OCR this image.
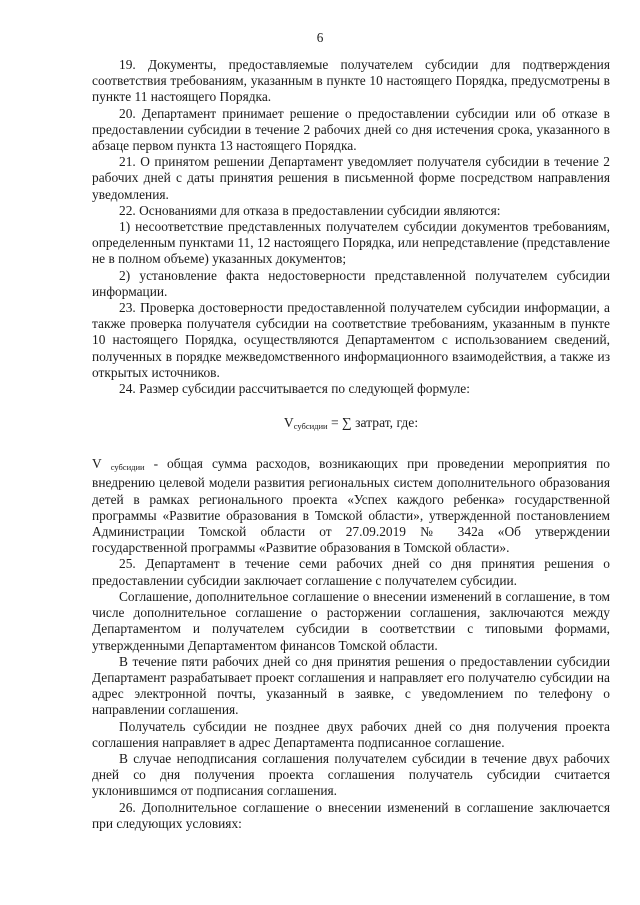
6

19. Документы, предоставляемые получателем субсидии для подтверждения соответствия требованиям, указанным в пункте 10 настоящего Порядка, предусмотрены в пункте 11 настоящего Порядка.

20. Департамент принимает решение о предоставлении субсидии или об отказе в предоставлении субсидии в течение 2 рабочих дней со дня истечения срока, указанного в абзаце первом пункта 13 настоящего Порядка.

21. О принятом решении Департамент уведомляет получателя субсидии в течение 2 рабочих дней с даты принятия решения в письменной форме посредством направления уведомления.

22. Основаниями для отказа в предоставлении субсидии являются:

1) несоответствие представленных получателем субсидии документов требованиям, определенным пунктами 11, 12 настоящего Порядка, или непредставление (представление не в полном объеме) указанных документов;

2) установление факта недостоверности представленной получателем субсидии информации.

23. Проверка достоверности предоставленной получателем субсидии информации, а также проверка получателя субсидии на соответствие требованиям, указанным в пункте 10 настоящего Порядка, осуществляются Департаментом с использованием сведений, полученных в порядке межведомственного информационного взаимодействия, а также из открытых источников.

24. Размер субсидии рассчитывается по следующей формуле:

$V_{субсидии}$ = ∑ затрат, где:

V $_{субсидии}$ - общая сумма расходов, возникающих при проведении мероприятия по внедрению целевой модели развития региональных систем дополнительного образования детей в рамках регионального проекта «Успех каждого ребенка» государственной программы «Развитие образования в Томской области», утвержденной постановлением Администрации Томской области от 27.09.2019 № 342а «Об утверждении государственной программы «Развитие образования в Томской области».

25. Департамент в течение семи рабочих дней со дня принятия решения о предоставлении субсидии заключает соглашение с получателем субсидии.

Соглашение, дополнительное соглашение о внесении изменений в соглашение, в том числе дополнительное соглашение о расторжении соглашения, заключаются между Департаментом и получателем субсидии в соответствии с типовыми формами, утвержденными Департаментом финансов Томской области.

В течение пяти рабочих дней со дня принятия решения о предоставлении субсидии Департамент разрабатывает проект соглашения и направляет его получателю субсидии на адрес электронной почты, указанный в заявке, с уведомлением по телефону о направлении соглашения.

Получатель субсидии не позднее двух рабочих дней со дня получения проекта соглашения направляет в адрес Департамента подписанное соглашение.

В случае неподписания соглашения получателем субсидии в течение двух рабочих дней со дня получения проекта соглашения получатель субсидии считается уклонившимся от подписания соглашения.

26. Дополнительное соглашение о внесении изменений в соглашение заключается при следующих условиях:
